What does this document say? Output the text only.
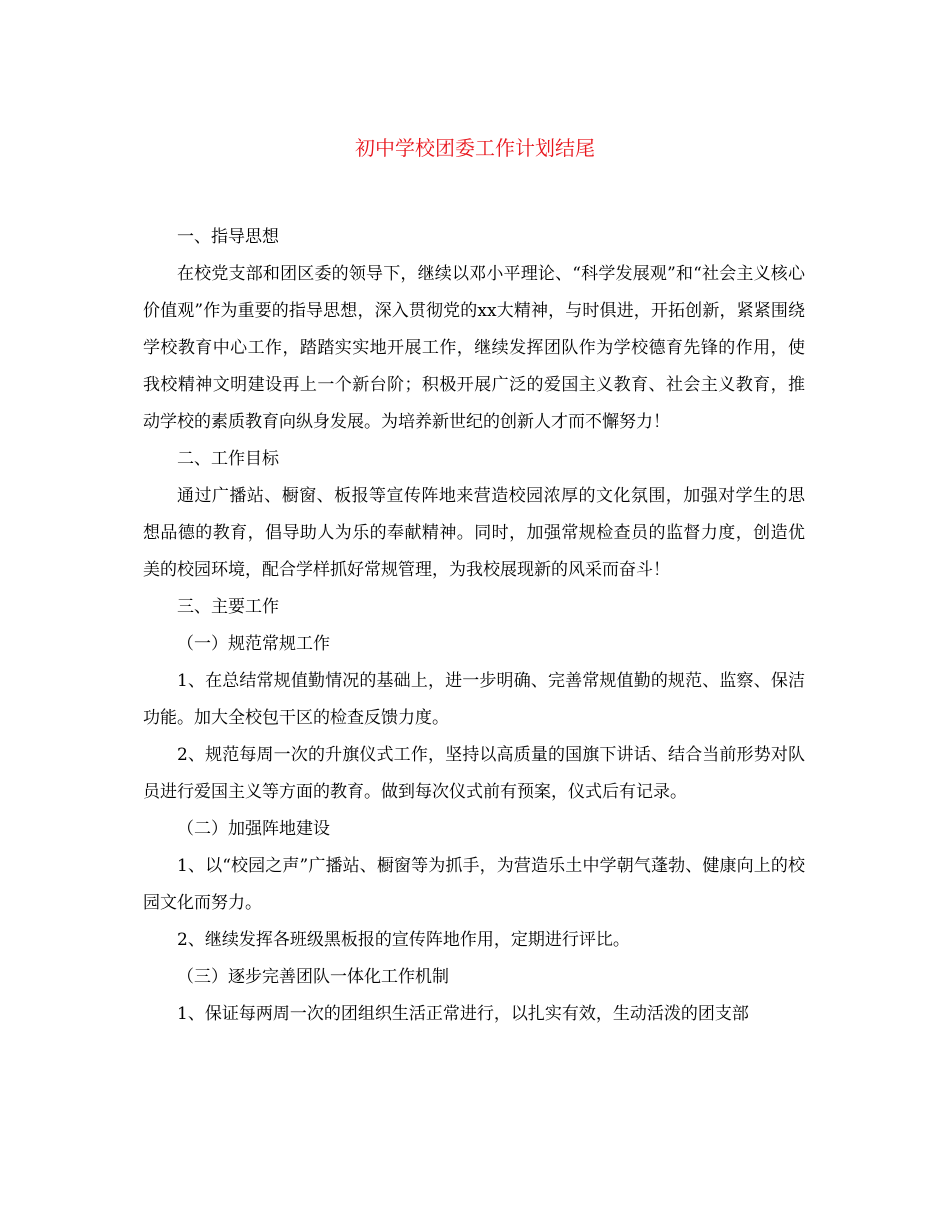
初中学校团委工作计划结尾

一、指导思想

在校党支部和团区委的领导下，继续以邓小平理论、“科学发展观”和“社会主义核心价值观”作为重要的指导思想，深入贯彻党的xx大精神，与时俱进，开拓创新，紧紧围绕学校教育中心工作，踏踏实实地开展工作，继续发挥团队作为学校德育先锋的作用，使我校精神文明建设再上一个新台阶；积极开展广泛的爱国主义教育、社会主义教育，推动学校的素质教育向纵身发展。为培养新世纪的创新人才而不懈努力！

二、工作目标

通过广播站、橱窗、板报等宣传阵地来营造校园浓厚的文化氛围，加强对学生的思想品德的教育，倡导助人为乐的奉献精神。同时，加强常规检查员的监督力度，创造优美的校园环境，配合学样抓好常规管理，为我校展现新的风采而奋斗！

三、主要工作

（一）规范常规工作

1、在总结常规值勤情况的基础上，进一步明确、完善常规值勤的规范、监察、保洁功能。加大全校包干区的检查反馈力度。

2、规范每周一次的升旗仪式工作，坚持以高质量的国旗下讲话、结合当前形势对队员进行爱国主义等方面的教育。做到每次仪式前有预案，仪式后有记录。

（二）加强阵地建设

1、以“校园之声”广播站、橱窗等为抓手，为营造乐土中学朝气蓬勃、健康向上的校园文化而努力。

2、继续发挥各班级黑板报的宣传阵地作用，定期进行评比。

（三）逐步完善团队一体化工作机制

1、保证每两周一次的团组织生活正常进行，以扎实有效，生动活泼的团支部
